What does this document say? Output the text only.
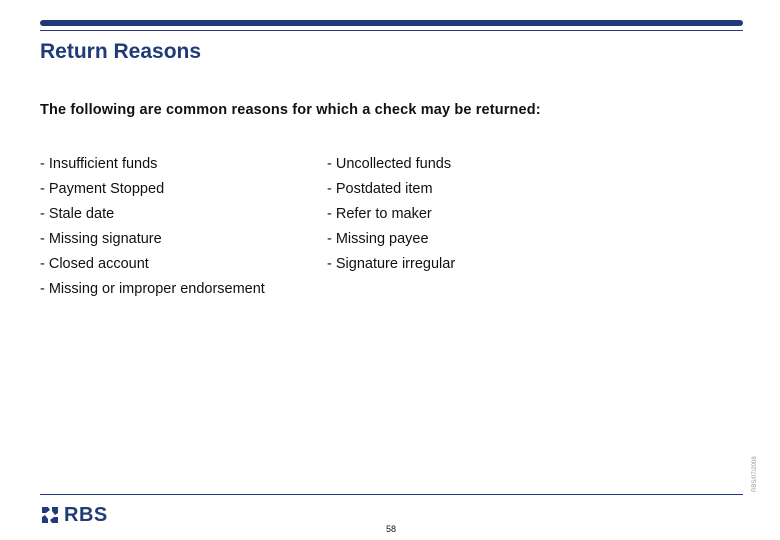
Return Reasons
The following are common reasons for which a check may be returned:
- Insufficient funds
- Payment Stopped
- Stale date
- Missing signature
- Closed account
- Missing or improper endorsement
- Uncollected funds
- Postdated item
- Refer to maker
- Missing payee
- Signature irregular
RBS/07/2008
RBS
58
